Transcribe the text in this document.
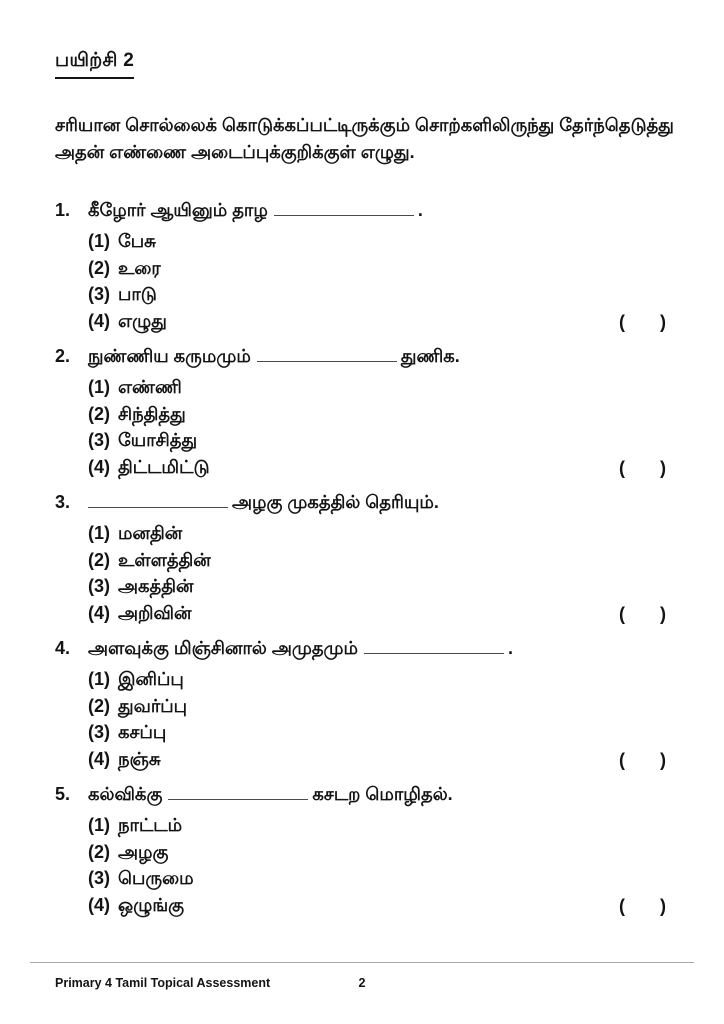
பயிற்சி 2
சரியான சொல்லைக் கொடுக்கப்பட்டிருக்கும் சொற்களிலிருந்து தேர்ந்தெடுத்து
அதன் எண்ணை அடைப்புக்குறிக்குள் எழுது.
1. கீழோர் ஆயினும் தாழ	.
(1) பேசு
(2) உரை
(3) பாடு
(4) எழுது	( )
2. நுண்ணிய கருமமும்	துணிக.
(1) எண்ணி
(2) சிந்தித்து
(3) யோசித்து
(4) திட்டமிட்டு	( )
3.	அழகு முகத்தில் தெரியும்.
(1) மனதின்
(2) உள்ளத்தின்
(3) அகத்தின்
(4) அறிவின்	( )
4. அளவுக்கு மிஞ்சினால் அமுதமும்	.
(1) இனிப்பு
(2) துவர்ப்பு
(3) கசப்பு
(4) நஞ்சு	( )
5. கல்விக்கு	கசடற மொழிதல்.
(1) நாட்டம்
(2) அழகு
(3) பெருமை
(4) ஒழுங்கு	( )
Primary 4 Tamil Topical Assessment	2
